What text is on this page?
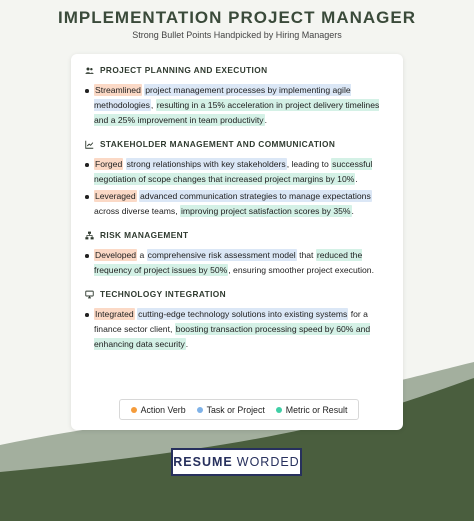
IMPLEMENTATION PROJECT MANAGER
Strong Bullet Points Handpicked by Hiring Managers
PROJECT PLANNING AND EXECUTION
Streamlined project management processes by implementing agile methodologies, resulting in a 15% acceleration in project delivery timelines and a 25% improvement in team productivity.
STAKEHOLDER MANAGEMENT AND COMMUNICATION
Forged strong relationships with key stakeholders, leading to successful negotiation of scope changes that increased project margins by 10%.
Leveraged advanced communication strategies to manage expectations across diverse teams, improving project satisfaction scores by 35%.
RISK MANAGEMENT
Developed a comprehensive risk assessment model that reduced the frequency of project issues by 50%, ensuring smoother project execution.
TECHNOLOGY INTEGRATION
Integrated cutting-edge technology solutions into existing systems for a finance sector client, boosting transaction processing speed by 60% and enhancing data security.
Action Verb Task or Project Metric or Result
RESUME WORDED
